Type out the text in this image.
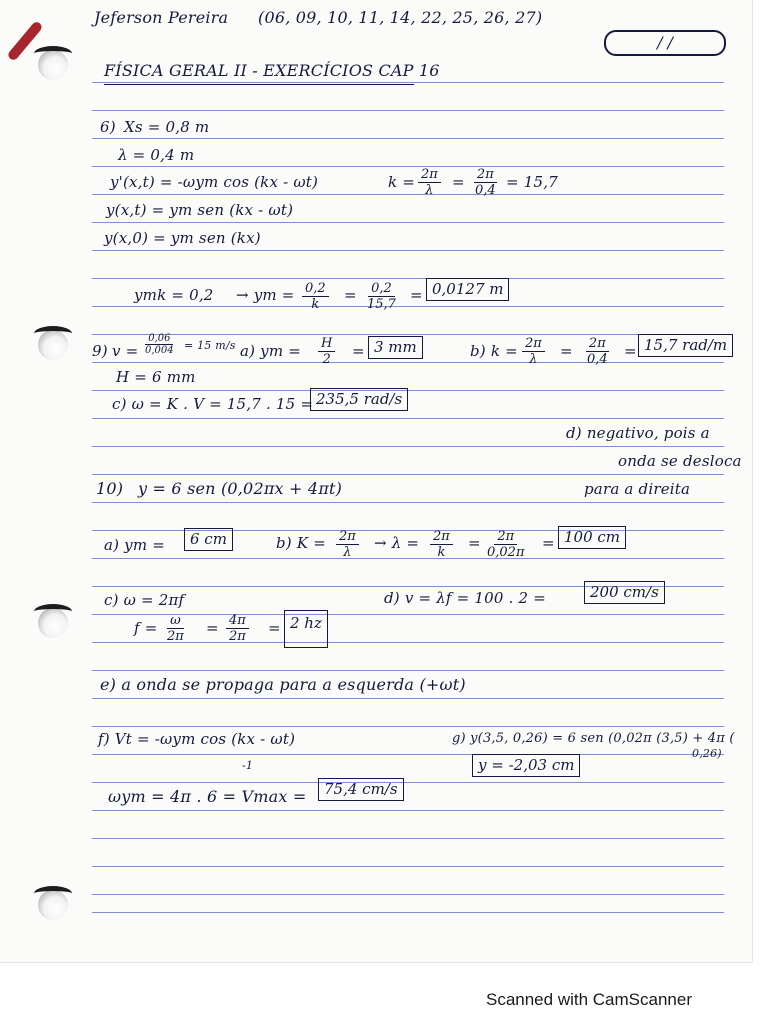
Jeferson Pereira (06, 09, 10, 11, 14, 22, 25, 26, 27)
/ /
FÍSICA GERAL II - EXERCÍCIOS CAP 16
6) Xs = 0,8 m
λ = 0,4 m
y'(x,t) = -ωym cos (kx - ωt)	$k = \frac{2\pi}{\lambda} = \frac{2\pi}{0,4} = 15,7$
y(x,t) = ym sen (kx - ωt)
y(x,0) = ym sen (kx)
ymk = 0,2 → ym = $\frac{0,2}{k} = \frac{0,2}{15,7} = 0,0127$ m
9) $v = \frac{0,06}{0,004} = 15$ m/s a) ym = $\frac{H}{2} = 3$ mm	b) $k = \frac{2\pi}{\lambda} = \frac{2\pi}{0,4} = 15,7$ rad/m
H = 6 mm
c) ω = K . V = 15,7 . 15 = 235,5 rad/s
d) negativo, pois a
onda se desloca
para a direita
10) y = 6 sen (0,02πx + 4πt)
a) ym =	6 cm	b) $K = \frac{2\pi}{\lambda} \to \lambda = \frac{2\pi}{k} = \frac{2\pi}{0,02\pi} = 100$ cm
c) ω = 2πf	d) v = λf = 100 . 2 =	200 cm/s
$f = \frac{\omega}{2\pi} = \frac{4\pi}{2\pi} = 2$ hz
e) a onda se propaga para a esquerda (+ωt)
f) Vt = -ωym cos (kx - ωt)
-1
ωym = 4π . 6 = Vmax =	75,4 cm/s
g) y(3,5, 0,26) = 6 sen (0,02π (3,5) + 4π (
0,26)
y = -2,03 cm
Scanned with CamScanner
